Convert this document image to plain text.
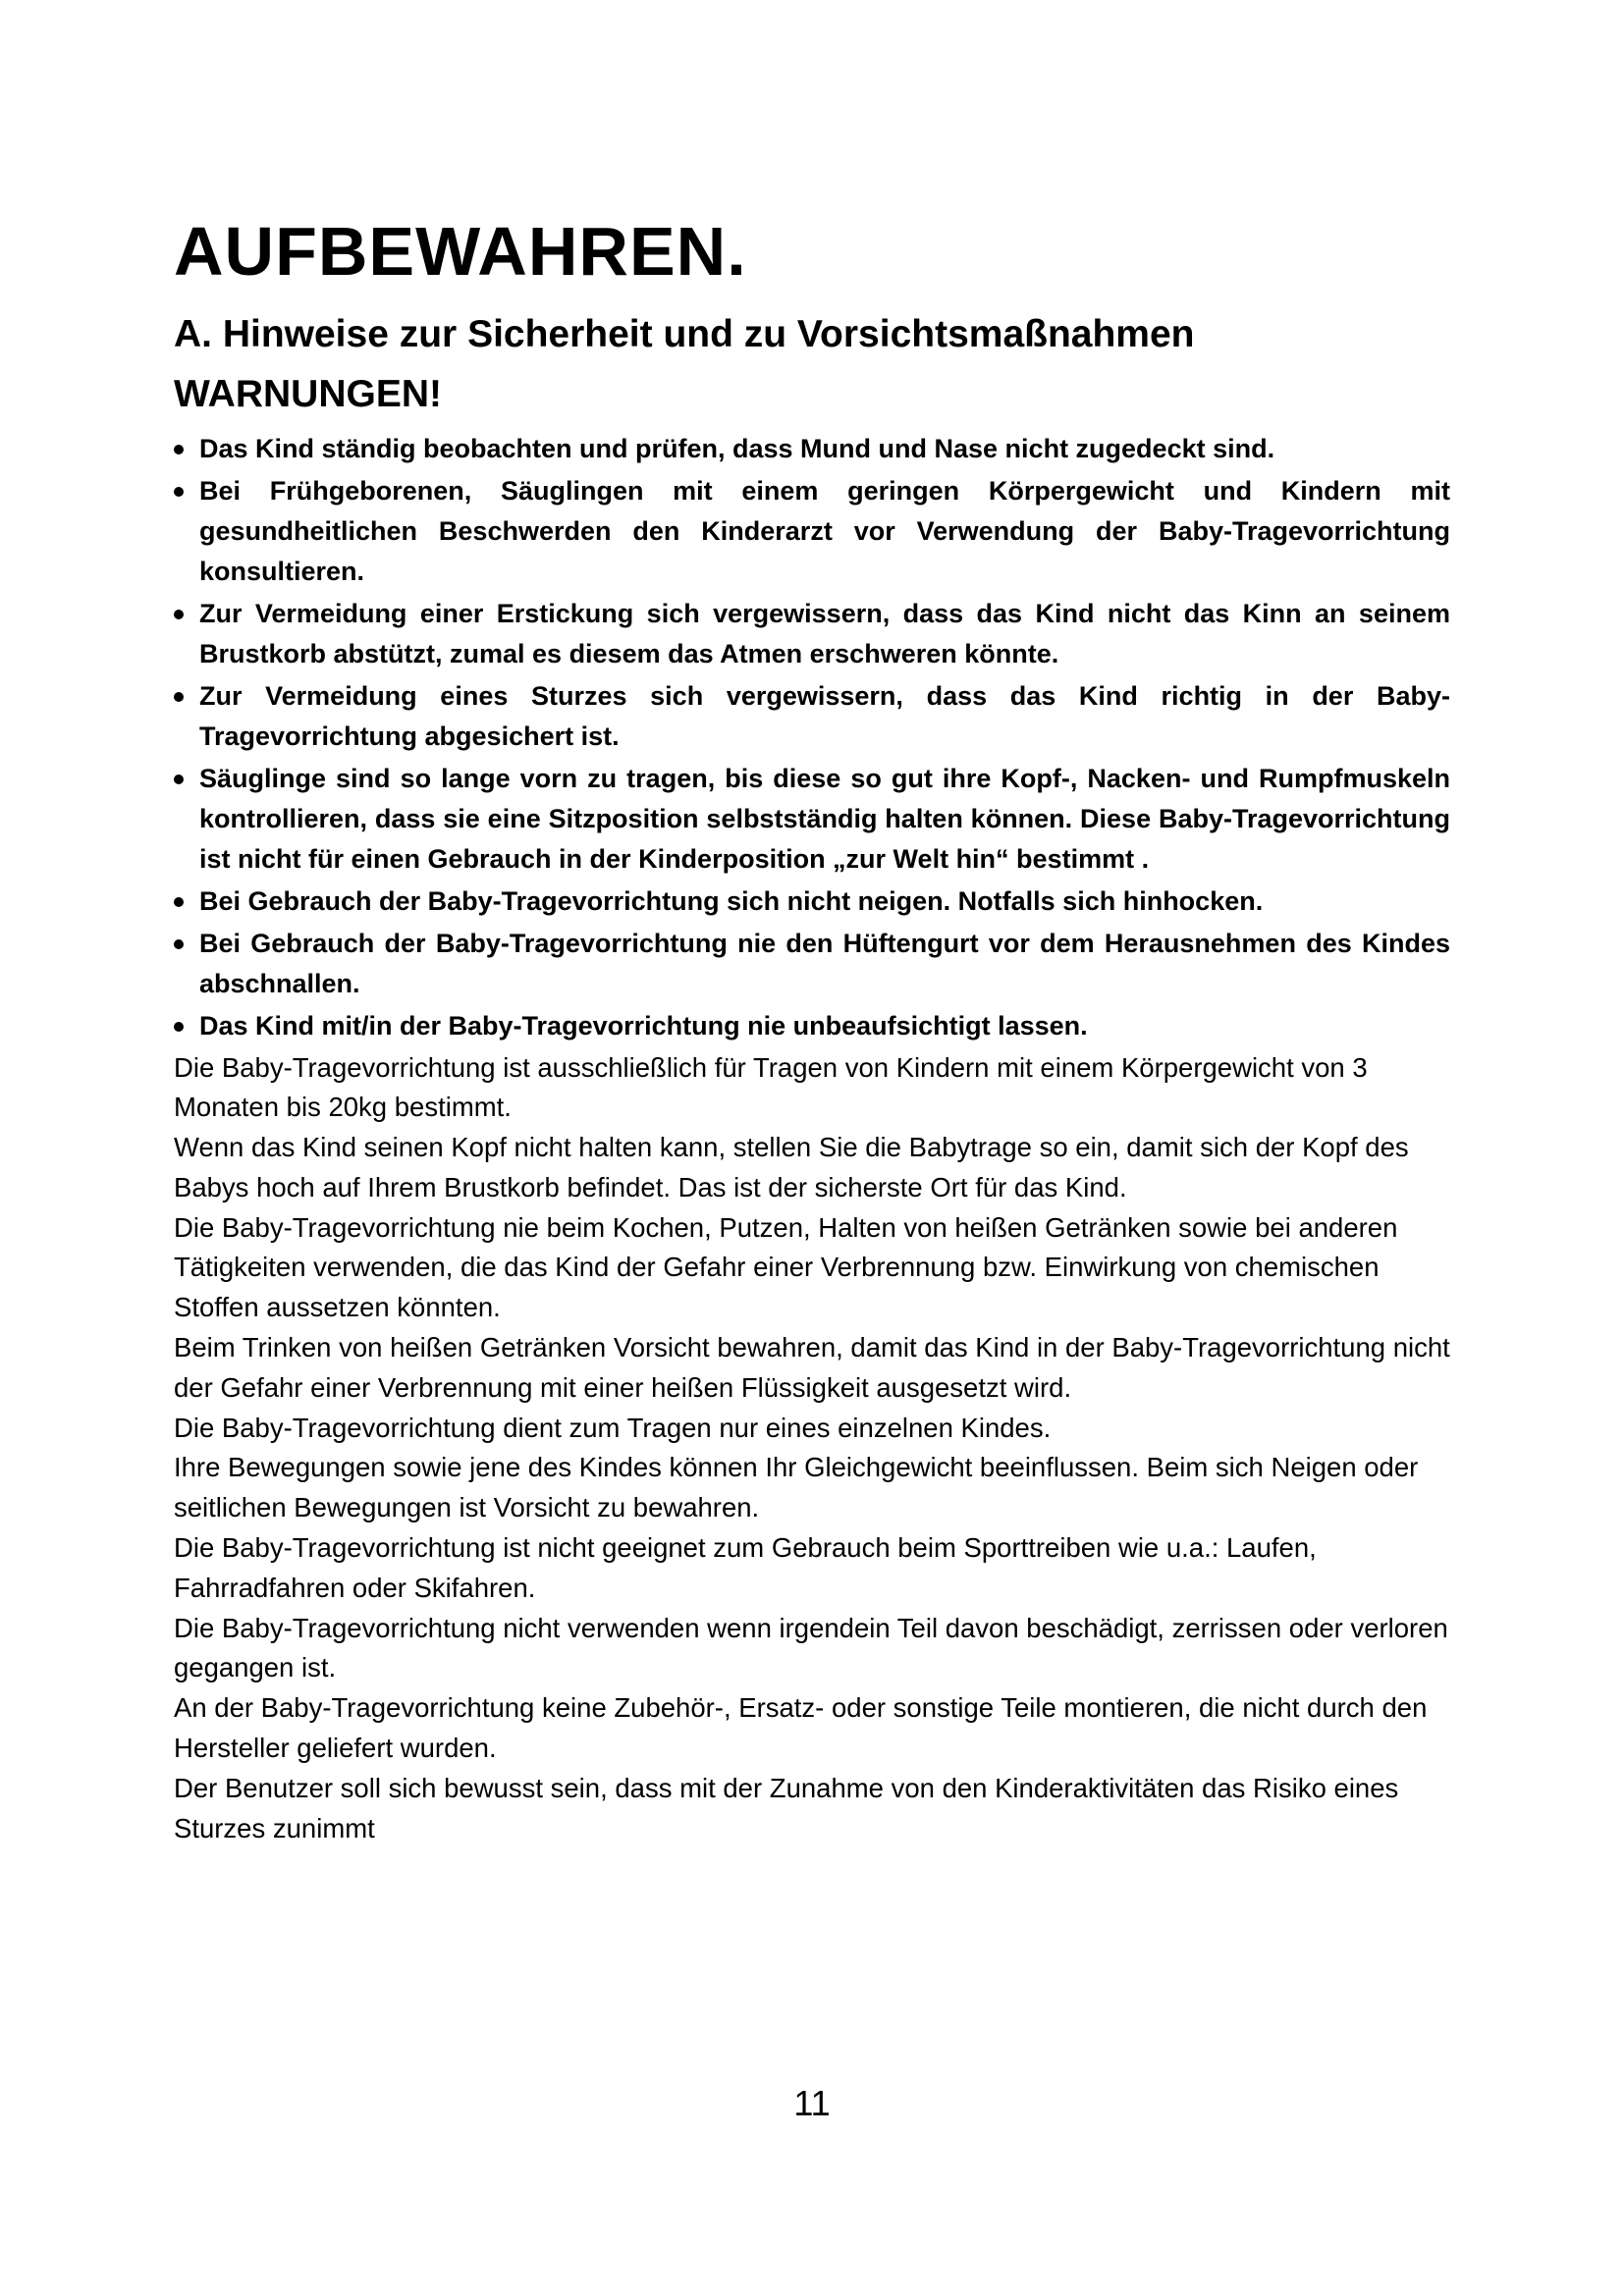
AUFBEWAHREN.
A. Hinweise zur Sicherheit und zu Vorsichtsmaßnahmen
WARNUNGEN!
Das Kind ständig beobachten und prüfen, dass Mund und Nase nicht zugedeckt sind.
Bei Frühgeborenen, Säuglingen mit einem geringen Körpergewicht und Kindern mit gesundheitlichen Beschwerden den Kinderarzt vor Verwendung der Baby-Tragevorrichtung konsultieren.
Zur Vermeidung einer Erstickung sich vergewissern, dass das Kind nicht das Kinn an seinem Brustkorb abstützt, zumal es diesem das Atmen erschweren könnte.
Zur Vermeidung eines Sturzes sich vergewissern, dass das Kind richtig in der Baby-Tragevorrichtung abgesichert ist.
Säuglinge sind so lange vorn zu tragen, bis diese so gut ihre Kopf-, Nacken- und Rumpfmuskeln kontrollieren, dass sie eine Sitzposition selbstständig halten können. Diese Baby-Tragevorrichtung ist nicht für einen Gebrauch in der Kinderposition „zur Welt hin“ bestimmt .
Bei Gebrauch der Baby-Tragevorrichtung sich nicht neigen. Notfalls sich hinhocken.
Bei Gebrauch der Baby-Tragevorrichtung nie den Hüftengurt vor dem Herausnehmen des Kindes abschnallen.
Das Kind mit/in der Baby-Tragevorrichtung nie unbeaufsichtigt lassen.

Die Baby-Tragevorrichtung ist ausschließlich für Tragen von Kindern mit einem Körpergewicht von 3 Monaten bis 20kg bestimmt.

Wenn das Kind seinen Kopf nicht halten kann, stellen Sie die Babytrage so ein, damit sich der Kopf des Babys hoch auf Ihrem Brustkorb befindet. Das ist der sicherste Ort für das Kind.

Die Baby-Tragevorrichtung nie beim Kochen, Putzen, Halten von heißen Getränken sowie bei anderen Tätigkeiten verwenden, die das Kind der Gefahr einer Verbrennung bzw. Einwirkung von chemischen Stoffen aussetzen könnten.

Beim Trinken von heißen Getränken Vorsicht bewahren, damit das Kind in der Baby-Tragevorrichtung nicht der Gefahr einer Verbrennung mit einer heißen Flüssigkeit ausgesetzt wird.

Die Baby-Tragevorrichtung dient zum Tragen nur eines einzelnen Kindes.

Ihre Bewegungen sowie jene des Kindes können Ihr Gleichgewicht beeinflussen. Beim sich Neigen oder seitlichen Bewegungen ist Vorsicht zu bewahren.

Die Baby-Tragevorrichtung ist nicht geeignet zum Gebrauch beim Sporttreiben wie u.a.: Laufen, Fahrradfahren oder Skifahren.

Die Baby-Tragevorrichtung nicht verwenden wenn irgendein Teil davon beschädigt, zerrissen oder verloren gegangen ist.

An der Baby-Tragevorrichtung keine Zubehör-, Ersatz- oder sonstige Teile montieren, die nicht durch den Hersteller geliefert wurden.

Der Benutzer soll sich bewusst sein, dass mit der Zunahme von den Kinderaktivitäten das Risiko eines Sturzes zunimmt

11
